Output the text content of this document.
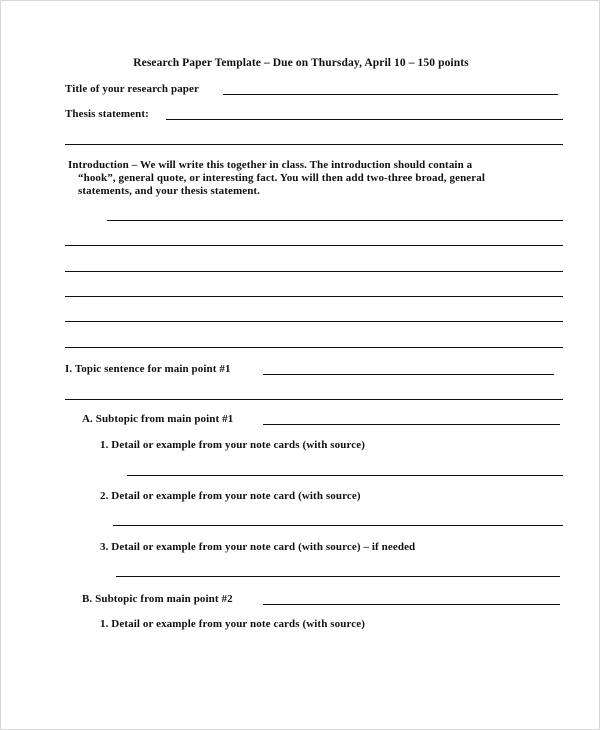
Research Paper Template – Due on Thursday, April 10 – 150 points
Title of your research paper
Thesis statement:
Introduction – We will write this together in class. The introduction should contain a
“hook”, general quote, or interesting fact. You will then add two-three broad, general
statements, and your thesis statement.
I. Topic sentence for main point #1
A. Subtopic from main point #1
1. Detail or example from your note cards (with source)
2. Detail or example from your note card (with source)
3. Detail or example from your note card (with source) – if needed
B. Subtopic from main point #2
1. Detail or example from your note cards (with source)
